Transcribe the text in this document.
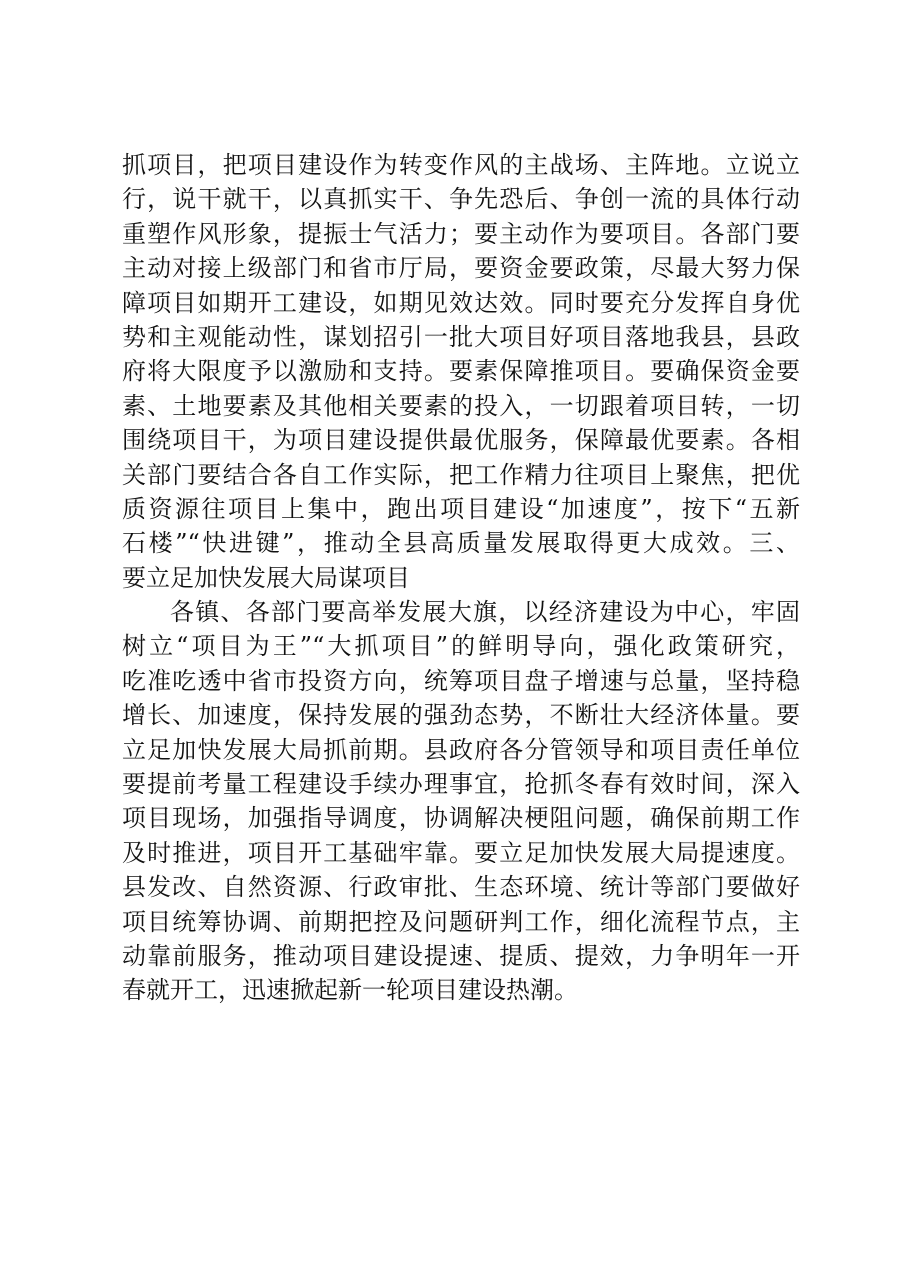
抓项目，把项目建设作为转变作风的主战场、主阵地。立说立
行，说干就干，以真抓实干、争先恐后、争创一流的具体行动
重塑作风形象，提振士气活力；要主动作为要项目。各部门要
主动对接上级部门和省市厅局，要资金要政策，尽最大努力保
障项目如期开工建设，如期见效达效。同时要充分发挥自身优
势和主观能动性，谋划招引一批大项目好项目落地我县，县政
府将大限度予以激励和支持。要素保障推项目。要确保资金要
素、土地要素及其他相关要素的投入，一切跟着项目转，一切
围绕项目干，为项目建设提供最优服务，保障最优要素。各相
关部门要结合各自工作实际，把工作精力往项目上聚焦，把优
质资源往项目上集中，跑出项目建设“加速度”，按下“五新
石楼”“快进键”，推动全县高质量发展取得更大成效。三、
要立足加快发展大局谋项目
各镇、各部门要高举发展大旗，以经济建设为中心，牢固
树立“项目为王”“大抓项目”的鲜明导向，强化政策研究，
吃准吃透中省市投资方向，统筹项目盘子增速与总量，坚持稳
增长、加速度，保持发展的强劲态势，不断壮大经济体量。要
立足加快发展大局抓前期。县政府各分管领导和项目责任单位
要提前考量工程建设手续办理事宜，抢抓冬春有效时间，深入
项目现场，加强指导调度，协调解决梗阻问题，确保前期工作
及时推进，项目开工基础牢靠。要立足加快发展大局提速度。
县发改、自然资源、行政审批、生态环境、统计等部门要做好
项目统筹协调、前期把控及问题研判工作，细化流程节点，主
动靠前服务，推动项目建设提速、提质、提效，力争明年一开
春就开工，迅速掀起新一轮项目建设热潮。
